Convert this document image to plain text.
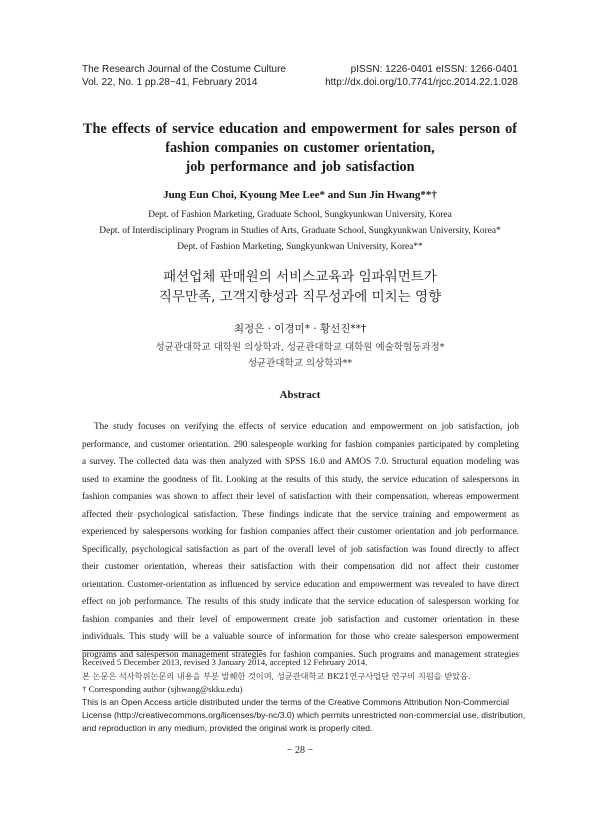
The Research Journal of the Costume Culture
Vol. 22, No. 1 pp.28~41, February 2014
pISSN: 1226-0401 eISSN: 1266-0401
http://dx.doi.org/10.7741/rjcc.2014.22.1.028
The effects of service education and empowerment for sales person of
fashion companies on customer orientation,
job performance and job satisfaction
Jung Eun Choi, Kyoung Mee Lee* and Sun Jin Hwang**†
Dept. of Fashion Marketing, Graduate School, Sungkyunkwan University, Korea
Dept. of Interdisciplinary Program in Studies of Arts, Graduate School, Sungkyunkwan University, Korea*
Dept. of Fashion Marketing, Sungkyunkwan University, Korea**
패션업체 판매원의 서비스교육과 임파워먼트가
직무만족, 고객지향성과 직무성과에 미치는 영향
최정은 · 이경미* · 황선진**†
성균관대학교 대학원 의상학과, 성균관대학교 대학원 예술학협동과정*
성균관대학교 의상학과**
Abstract
The study focuses on verifying the effects of service education and empowerment on job satisfaction, job
performance, and customer orientation. 290 salespeople working for fashion companies participated by completing
a survey. The collected data was then analyzed with SPSS 16.0 and AMOS 7.0. Structural equation modeling was
used to examine the goodness of fit. Looking at the results of this study, the service education of salespersons in
fashion companies was shown to affect their level of satisfaction with their compensation, whereas empowerment
affected their psychological satisfaction. These findings indicate that the service training and empowerment as
experienced by salespersons working for fashion companies affect their customer orientation and job performance.
Specifically, psychological satisfaction as part of the overall level of job satisfaction was found directly to affect
their customer orientation, whereas their satisfaction with their compensation did not affect their customer
orientation. Customer-orientation as influenced by service education and empowerment was revealed to have direct
effect on job performance. The results of this study indicate that the service education of salesperson working for
fashion companies and their level of empowerment create job satisfaction and customer orientation in these
individuals. This study will be a valuable source of information for those who create salesperson empowerment
programs and salesperson management strategies for fashion companies. Such programs and management strategies
Received 5 December 2013, revised 3 January 2014, accepted 12 February 2014.
본 논문은 석사학위논문의 내용을 부분 발췌한 것이며, 성균관대학교 BK21연구사업단 연구비 지원을 받았음.
† Corresponding author (sjhwang@skku.edu)
This is an Open Access article distributed under the terms of the Creative Commons Attribution Non-Commercial
License (http://creativecommons.org/licenses/by-nc/3.0) which permits unrestricted non-commercial use, distribution,
and reproduction in any medium, provided the original work is properly cited.
− 28 −
